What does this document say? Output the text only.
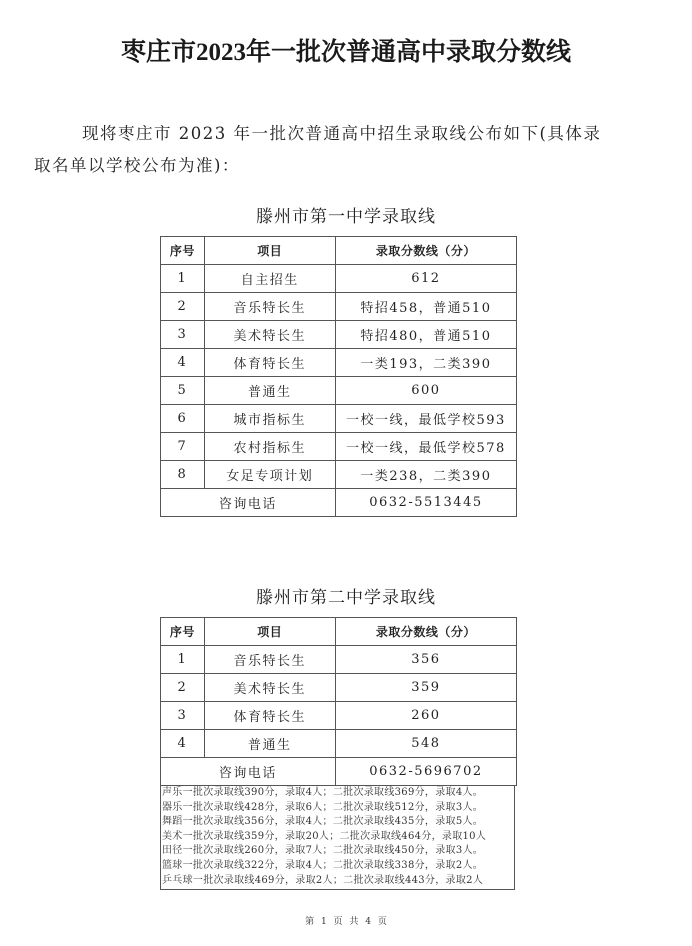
枣庄市2023年一批次普通高中录取分数线
现将枣庄市 2023 年一批次普通高中招生录取线公布如下(具体录
取名单以学校公布为准)：
滕州市第一中学录取线
序号	项目	录取分数线（分）
1	自主招生	612
2	音乐特长生	特招458，普通510
3	美术特长生	特招480，普通510
4	体育特长生	一类193，二类390
5	普通生	600
6	城市指标生	一校一线，最低学校593
7	农村指标生	一校一线，最低学校578
8	女足专项计划	一类238，二类390
咨询电话		0632-5513445
滕州市第二中学录取线
序号	项目	录取分数线（分）
1	音乐特长生	356
2	美术特长生	359
3	体育特长生	260
4	普通生	548
咨询电话		0632-5696702
声乐一批次录取线390分，录取4人；二批次录取线369分，录取4人。
器乐一批次录取线428分，录取6人；二批次录取线512分，录取3人。
舞蹈一批次录取线356分，录取4人；二批次录取线435分，录取5人。
美术一批次录取线359分，录取20人；二批次录取线464分，录取10人
田径一批次录取线260分，录取7人；二批次录取线450分，录取3人。
篮球一批次录取线322分，录取4人；二批次录取线338分，录取2人。
乒乓球一批次录取线469分，录取2人；二批次录取线443分，录取2人
第 1 页 共 4 页
